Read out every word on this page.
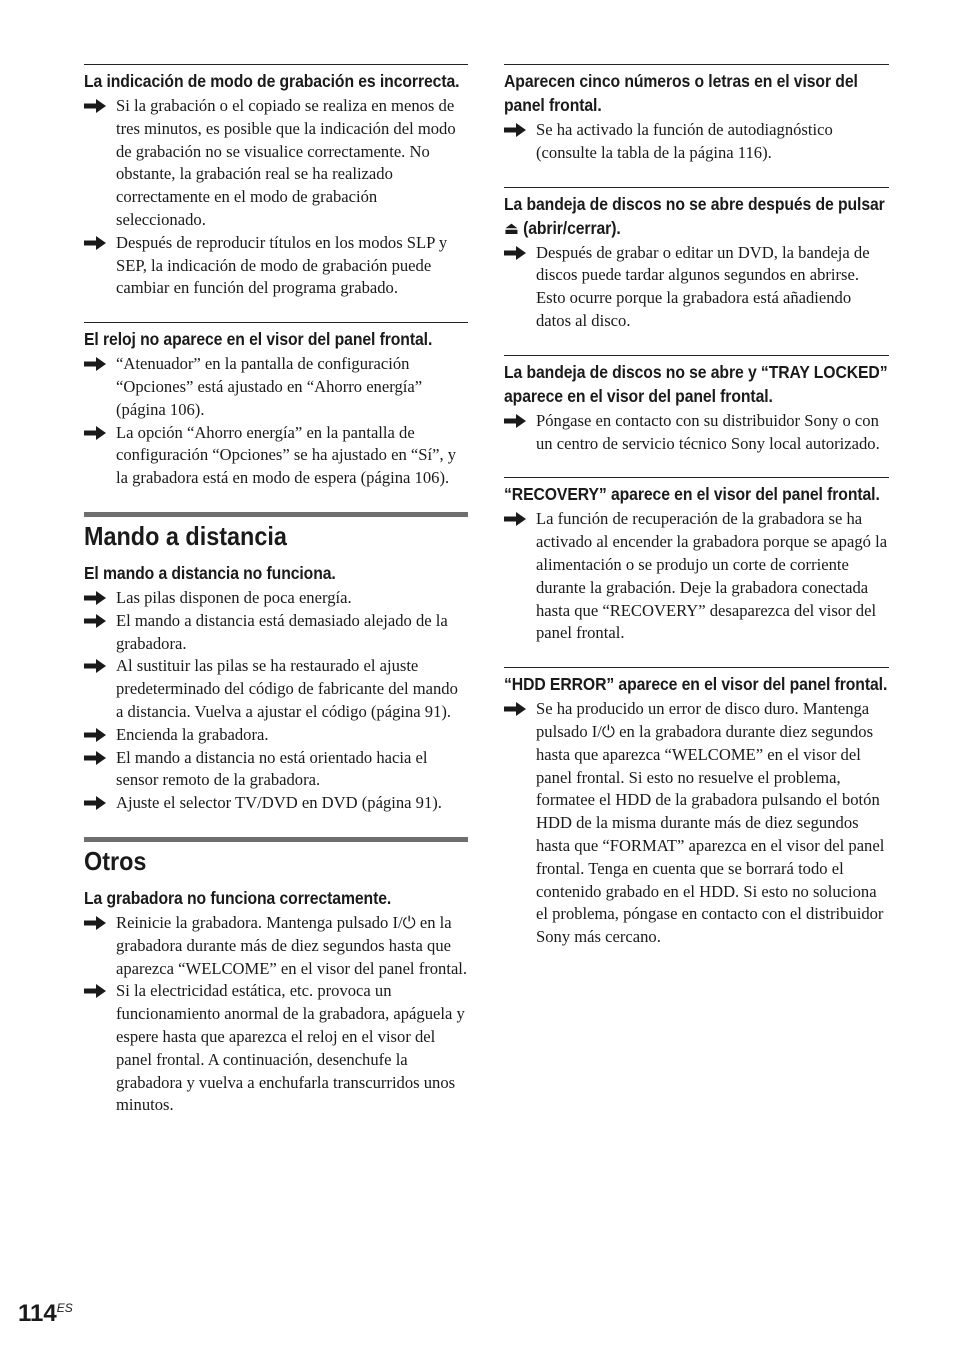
La indicación de modo de grabación es incorrecta.
Si la grabación o el copiado se realiza en menos de tres minutos, es posible que la indicación del modo de grabación no se visualice correctamente. No obstante, la grabación real se ha realizado correctamente en el modo de grabación seleccionado.
Después de reproducir títulos en los modos SLP y SEP, la indicación de modo de grabación puede cambiar en función del programa grabado.
El reloj no aparece en el visor del panel frontal.
“Atenuador” en la pantalla de configuración “Opciones” está ajustado en “Ahorro energía” (página 106).
La opción “Ahorro energía” en la pantalla de configuración “Opciones” se ha ajustado en “Sí”, y la grabadora está en modo de espera (página 106).
Mando a distancia
El mando a distancia no funciona.
Las pilas disponen de poca energía.
El mando a distancia está demasiado alejado de la grabadora.
Al sustituir las pilas se ha restaurado el ajuste predeterminado del código de fabricante del mando a distancia. Vuelva a ajustar el código (página 91).
Encienda la grabadora.
El mando a distancia no está orientado hacia el sensor remoto de la grabadora.
Ajuste el selector TV/DVD en DVD (página 91).
Otros
La grabadora no funciona correctamente.
Reinicie la grabadora. Mantenga pulsado I/⏻ en la grabadora durante más de diez segundos hasta que aparezca “WELCOME” en el visor del panel frontal.
Si la electricidad estática, etc. provoca un funcionamiento anormal de la grabadora, apáguela y espere hasta que aparezca el reloj en el visor del panel frontal. A continuación, desenchufe la grabadora y vuelva a enchufarla transcurridos unos minutos.
Aparecen cinco números o letras en el visor del panel frontal.
Se ha activado la función de autodiagnóstico (consulte la tabla de la página 116).
La bandeja de discos no se abre después de pulsar ⏏ (abrir/cerrar).
Después de grabar o editar un DVD, la bandeja de discos puede tardar algunos segundos en abrirse. Esto ocurre porque la grabadora está añadiendo datos al disco.
La bandeja de discos no se abre y “TRAY LOCKED” aparece en el visor del panel frontal.
Póngase en contacto con su distribuidor Sony o con un centro de servicio técnico Sony local autorizado.
“RECOVERY” aparece en el visor del panel frontal.
La función de recuperación de la grabadora se ha activado al encender la grabadora porque se apagó la alimentación o se produjo un corte de corriente durante la grabación. Deje la grabadora conectada hasta que “RECOVERY” desaparezca del visor del panel frontal.
“HDD ERROR” aparece en el visor del panel frontal.
Se ha producido un error de disco duro. Mantenga pulsado I/⏻ en la grabadora durante diez segundos hasta que aparezca “WELCOME” en el visor del panel frontal. Si esto no resuelve el problema, formatee el HDD de la grabadora pulsando el botón HDD de la misma durante más de diez segundos hasta que “FORMAT” aparezca en el visor del panel frontal. Tenga en cuenta que se borrará todo el contenido grabado en el HDD. Si esto no soluciona el problema, póngase en contacto con el distribuidor Sony más cercano.
$114^{ES}$
